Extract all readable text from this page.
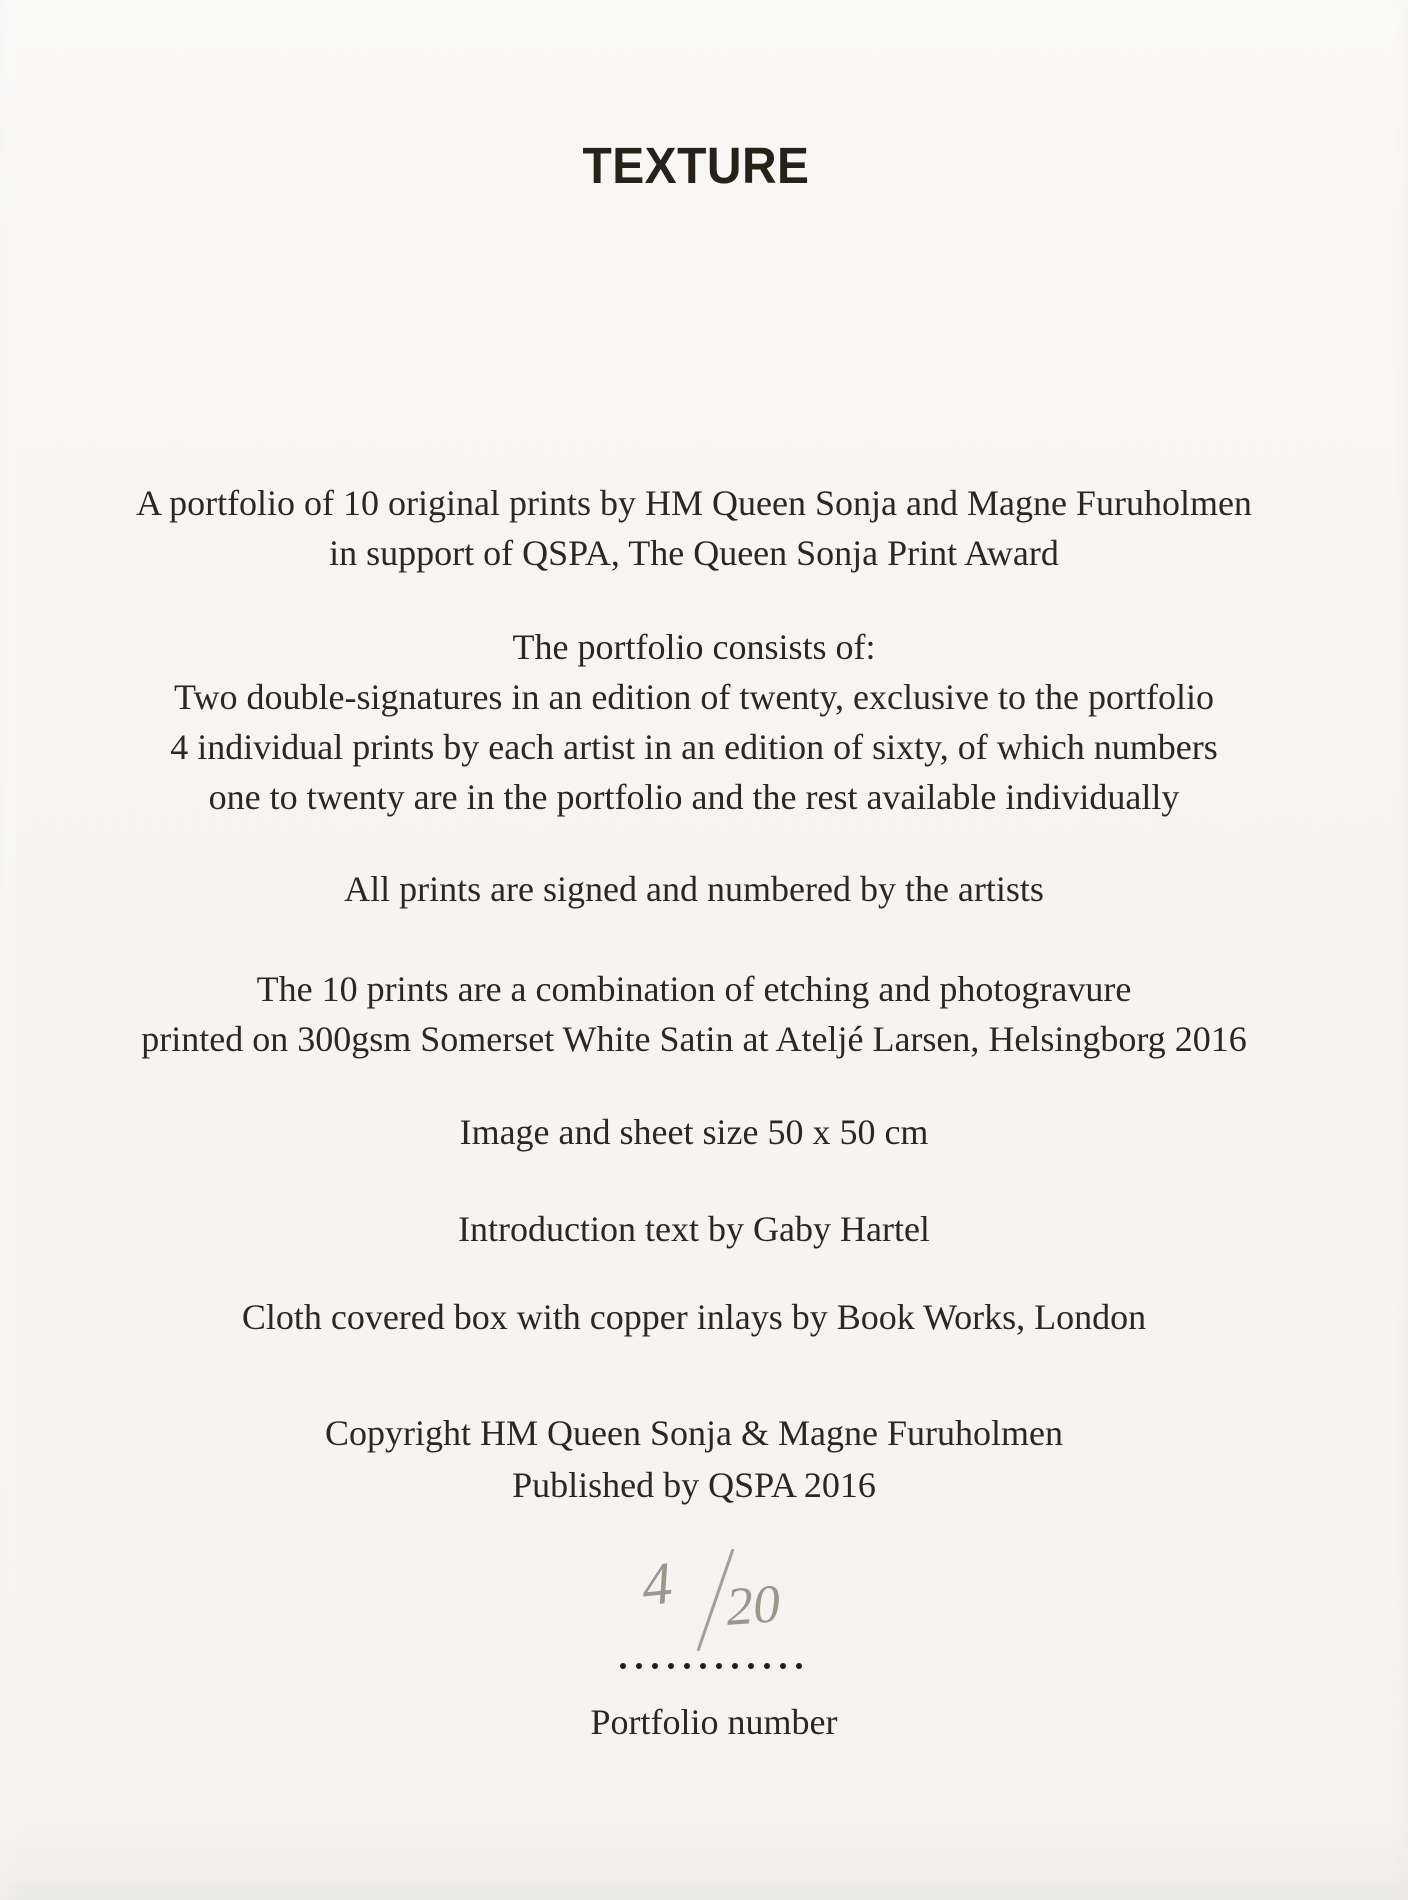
TEXTURE
A portfolio of 10 original prints by HM Queen Sonja and Magne Furuholmen
in support of QSPA, The Queen Sonja Print Award
The portfolio consists of:
Two double-signatures in an edition of twenty, exclusive to the portfolio
4 individual prints by each artist in an edition of sixty, of which numbers
one to twenty are in the portfolio and the rest available individually
All prints are signed and numbered by the artists
The 10 prints are a combination of etching and photogravure
printed on 300gsm Somerset White Satin at Ateljé Larsen, Helsingborg 2016
Image and sheet size 50 x 50 cm
Introduction text by Gaby Hartel
Cloth covered box with copper inlays by Book Works, London
Copyright HM Queen Sonja & Magne Furuholmen
Published by QSPA 2016
4 20
Portfolio number
